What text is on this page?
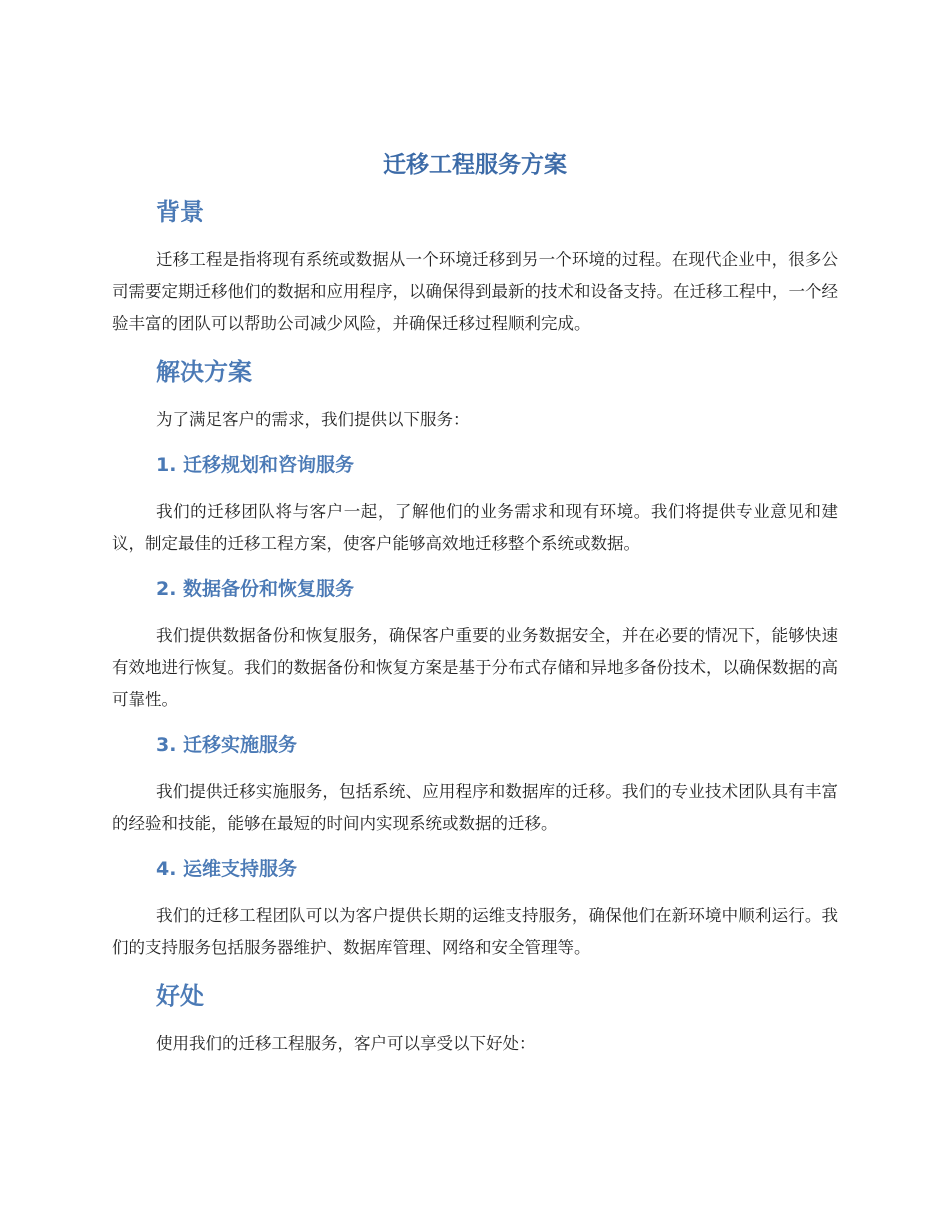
迁移工程服务方案
背景

迁移工程是指将现有系统或数据从一个环境迁移到另一个环境的过程。在现代企业中，很多公司需要定期迁移他们的数据和应用程序，以确保得到最新的技术和设备支持。在迁移工程中，一个经验丰富的团队可以帮助公司减少风险，并确保迁移过程顺利完成。

解决方案

为了满足客户的需求，我们提供以下服务：

1. 迁移规划和咨询服务

我们的迁移团队将与客户一起，了解他们的业务需求和现有环境。我们将提供专业意见和建议，制定最佳的迁移工程方案，使客户能够高效地迁移整个系统或数据。

2. 数据备份和恢复服务

我们提供数据备份和恢复服务，确保客户重要的业务数据安全，并在必要的情况下，能够快速有效地进行恢复。我们的数据备份和恢复方案是基于分布式存储和异地多备份技术，以确保数据的高可靠性。

3. 迁移实施服务

我们提供迁移实施服务，包括系统、应用程序和数据库的迁移。我们的专业技术团队具有丰富的经验和技能，能够在最短的时间内实现系统或数据的迁移。

4. 运维支持服务

我们的迁移工程团队可以为客户提供长期的运维支持服务，确保他们在新环境中顺利运行。我们的支持服务包括服务器维护、数据库管理、网络和安全管理等。

好处

使用我们的迁移工程服务，客户可以享受以下好处：
